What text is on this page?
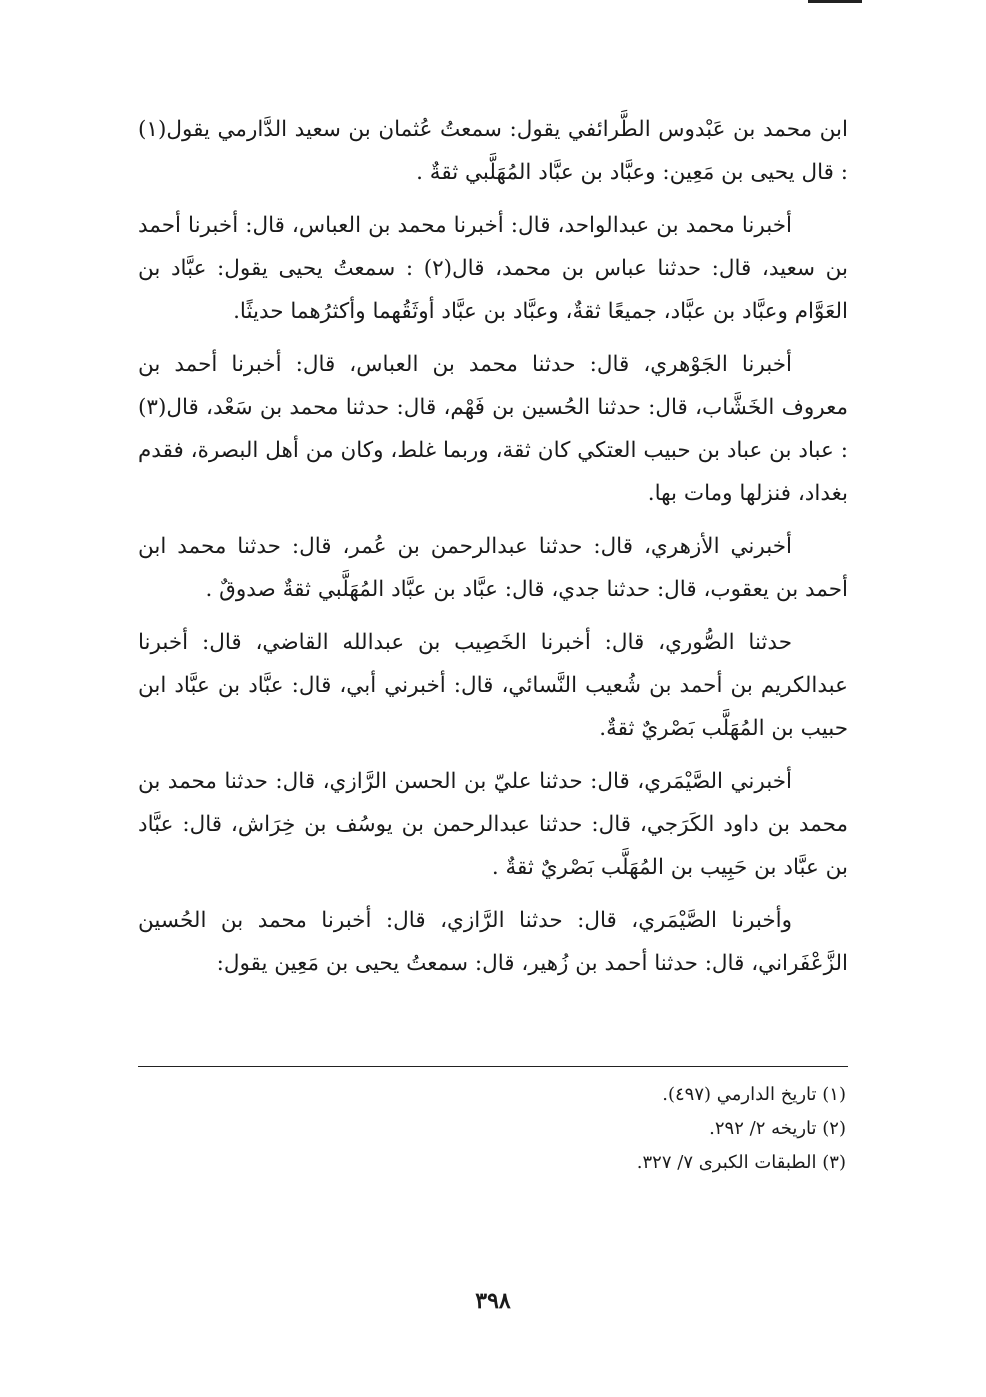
ابن محمد بن عَبْدوس الطَّرائفي يقول: سمعتُ عُثمان بن سعيد الدَّارمي يقول(١) : قال يحيى بن مَعِين: وعبَّاد بن عبَّاد المُهَلَّبي ثقةٌ .

أخبرنا محمد بن عبدالواحد، قال: أخبرنا محمد بن العباس، قال: أخبرنا أحمد بن سعيد، قال: حدثنا عباس بن محمد، قال(٢) : سمعتُ يحيى يقول: عبَّاد بن العَوَّام وعبَّاد بن عبَّاد، جميعًا ثقةٌ، وعبَّاد بن عبَّاد أوثَقُهما وأكثرُهما حديثًا.

أخبرنا الجَوْهري، قال: حدثنا محمد بن العباس، قال: أخبرنا أحمد بن معروف الخَشَّاب، قال: حدثنا الحُسين بن فَهْم، قال: حدثنا محمد بن سَعْد، قال(٣) : عباد بن عباد بن حبيب العتكي كان ثقة، وربما غلط، وكان من أهل البصرة، فقدم بغداد، فنزلها ومات بها.

أخبرني الأزهري، قال: حدثنا عبدالرحمن بن عُمر، قال: حدثنا محمد ابن أحمد بن يعقوب، قال: حدثنا جدي، قال: عبَّاد بن عبَّاد المُهَلَّبي ثقةٌ صدوقٌ .

حدثنا الصُّوري، قال: أخبرنا الخَصِيب بن عبدالله القاضي، قال: أخبرنا عبدالكريم بن أحمد بن شُعيب النَّسائي، قال: أخبرني أبي، قال: عبَّاد بن عبَّاد ابن حبيب بن المُهَلَّب بَصْريٌ ثقةٌ.

أخبرني الصَّيْمَري، قال: حدثنا عليّ بن الحسن الرَّازي، قال: حدثنا محمد بن محمد بن داود الكَرَجي، قال: حدثنا عبدالرحمن بن يوسُف بن خِرَاش، قال: عبَّاد بن عبَّاد بن حَبِيب بن المُهَلَّب بَصْريٌ ثقةٌ .

وأخبرنا الصَّيْمَري، قال: حدثنا الرَّازي، قال: أخبرنا محمد بن الحُسين الزَّعْفَراني، قال: حدثنا أحمد بن زُهير، قال: سمعتُ يحيى بن مَعِين يقول:

(١) تاريخ الدارمي (٤٩٧).
(٢) تاريخه ٢/ ٢٩٢.
(٣) الطبقات الكبرى ٧/ ٣٢٧.
٣٩٨
